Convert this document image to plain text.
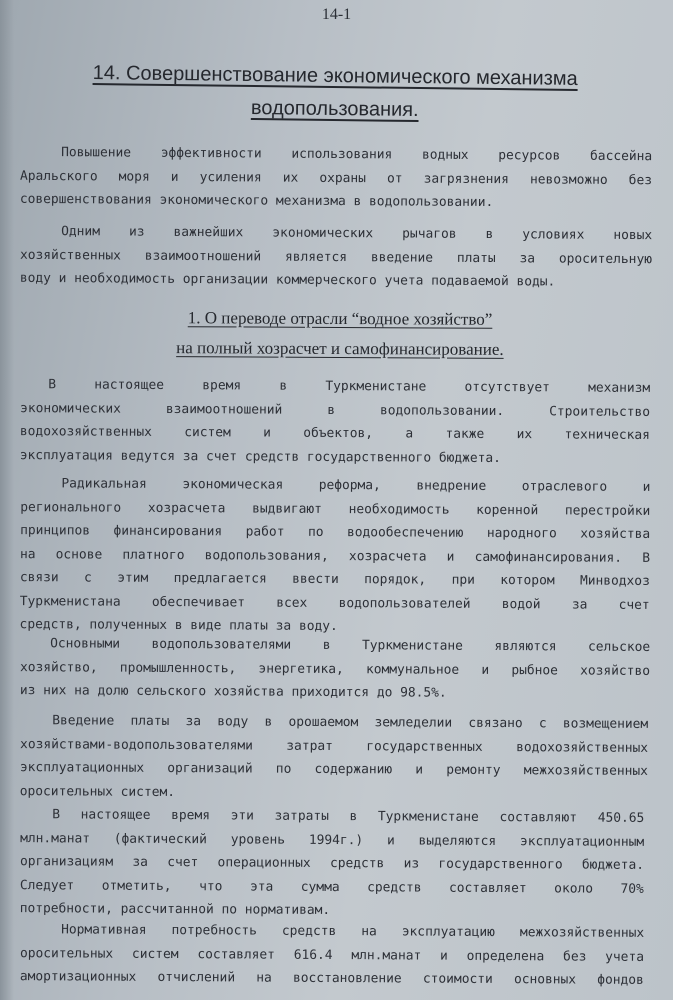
14-1
14. Совершенствование экономического механизма
водопользования.
Повышение эффективности использования водных ресурсов бассейна
Аральского моря и усиления их охраны от загрязнения невозможно без
совершенствования экономического механизма в водопользовании.
Одним из важнейших экономических рычагов в условиях новых
хозяйственных взаимоотношений является введение платы за оросительную
воду и необходимость организации коммерческого учета подаваемой воды.
1. О переводе отрасли “водное хозяйство”
на полный хозрасчет и самофинансирование.
В настоящее время в Туркменистане отсутствует механизм
экономических взаимоотношений в водопользовании. Строительство
водохозяйственных систем и объектов, а также их техническая
эксплуатация ведутся за счет средств государственного бюджета.
Радикальная экономическая реформа, внедрение отраслевого и
регионального хозрасчета выдвигают необходимость коренной перестройки
принципов финансирования работ по водообеспечению народного хозяйства
на основе платного водопользования, хозрасчета и самофинансирования. В
связи с этим предлагается ввести порядок, при котором Минводхоз
Туркменистана обеспечивает всех водопользователей водой за счет
средств, полученных в виде платы за воду.
Основными водопользователями в Туркменистане являются сельское
хозяйство, промышленность, энергетика, коммунальное и рыбное хозяйство
из них на долю сельского хозяйства приходится до 98.5%.
Введение платы за воду в орошаемом земледелии связано с возмещением
хозяйствами-водопользователями затрат государственных водохозяйственных
эксплуатационных организаций по содержанию и ремонту межхозяйственных
оросительных систем.
В настоящее время эти затраты в Туркменистане составляют 450.65
млн.манат (фактический уровень 1994г.) и выделяются эксплуатационным
организациям за счет операционных средств из государственного бюджета.
Следует отметить, что эта сумма средств составляет около 70%
потребности, рассчитанной по нормативам.
Нормативная потребность средств на эксплуатацию межхозяйственных
оросительных систем составляет 616.4 млн.манат и определена без учета
амортизационных отчислений на восстановление стоимости основных фондов
